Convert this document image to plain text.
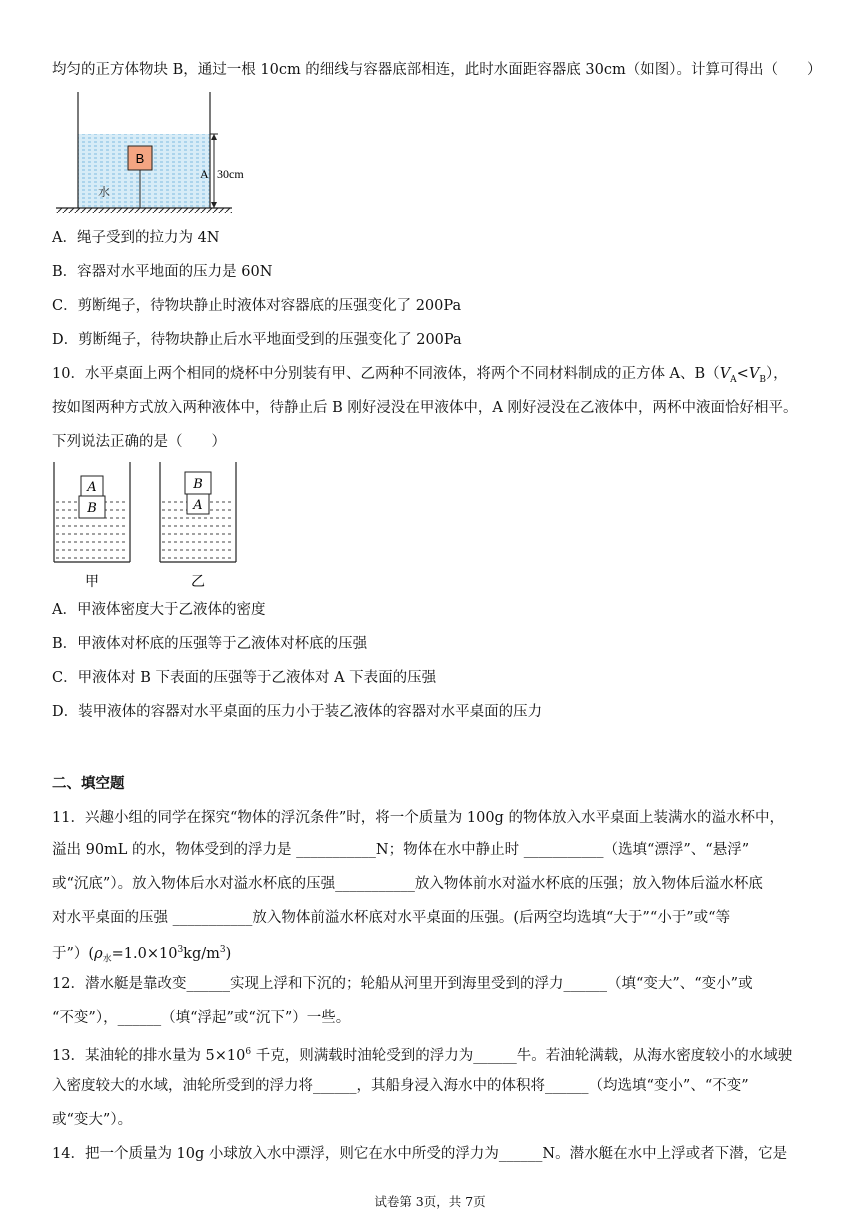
均匀的正方体物块 B，通过一根 10cm 的细线与容器底部相连，此时水面距容器底 30cm（如图）。计算可得出（　　）
B
水
A 30cm
A．绳子受到的拉力为 4N
B．容器对水平地面的压力是 60N
C．剪断绳子，待物块静止时液体对容器底的压强变化了 200Pa
D．剪断绳子，待物块静止后水平地面受到的压强变化了 200Pa
10．水平桌面上两个相同的烧杯中分别装有甲、乙两种不同液体，将两个不同材料制成的正方体 A、$B(V_A<V_B)$，
按如图两种方式放入两种液体中，待静止后 B 刚好浸没在甲液体中，A 刚好浸没在乙液体中，两杯中液面恰好相平。
下列说法正确的是（　　）
A
B
甲
B
A
乙
A．甲液体密度大于乙液体的密度
B．甲液体对杯底的压强等于乙液体对杯底的压强
C．甲液体对 B 下表面的压强等于乙液体对 A 下表面的压强
D．装甲液体的容器对水平桌面的压力小于装乙液体的容器对水平桌面的压力
二、填空题
11．兴趣小组的同学在探究“物体的浮沉条件”时，将一个质量为 100g 的物体放入水平桌面上装满水的溢水杯中，
溢出 90mL 的水，物体受到的浮力是 ___________N；物体在水中静止时 ___________（选填“漂浮”、“悬浮”
或“沉底”）。放入物体后水对溢水杯底的压强___________放入物体前水对溢水杯底的压强；放入物体后溢水杯底
对水平桌面的压强 ___________放入物体前溢水杯底对水平桌面的压强。(后两空均选填“大于”“小于”或“等
于$”)(\rho_水=1.0\times 10^3kg/m^3)$
12．潜水艇是靠改变______实现上浮和下沉的；轮船从河里开到海里受到的浮力______（填“变大”、“变小”或
“不变”），______（填“浮起”或“沉下”）一些。
13．某油轮的排水量为 $5\times 10^6$ 千克，则满载时油轮受到的浮力为______牛。若油轮满载，从海水密度较小的水域驶
入密度较大的水域，油轮所受到的浮力将______，其船身浸入海水中的体积将______（均选填“变小”、“不变”
或“变大”）。
14．把一个质量为 10g 小球放入水中漂浮，则它在水中所受的浮力为______N。潜水艇在水中上浮或者下潜，它是
试卷第 3页，共 7页
